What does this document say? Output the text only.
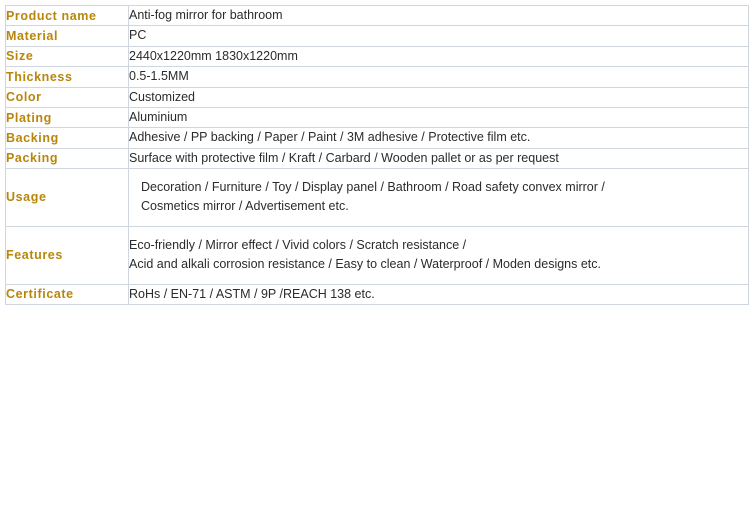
Product name	Anti-fog mirror for bathroom

Material	PC

Size	2440x1220mm 1830x1220mm

Thickness	0.5-1.5MM

Color	Customized

Plating	Aluminium

Backing	Adhesive / PP backing / Paper / Paint / 3M adhesive / Protective film etc.

Packing	Surface with protective film / Kraft / Carbard / Wooden pallet or as per request

Usage	Decoration / Furniture / Toy / Display panel / Bathroom / Road safety convex mirror /
Cosmetics mirror / Advertisement etc.

Features	Eco-friendly / Mirror effect / Vivid colors / Scratch resistance /
Acid and alkali corrosion resistance / Easy to clean / Waterproof / Moden designs etc.

Certificate	RoHs / EN-71 / ASTM / 9P /REACH 138 etc.
